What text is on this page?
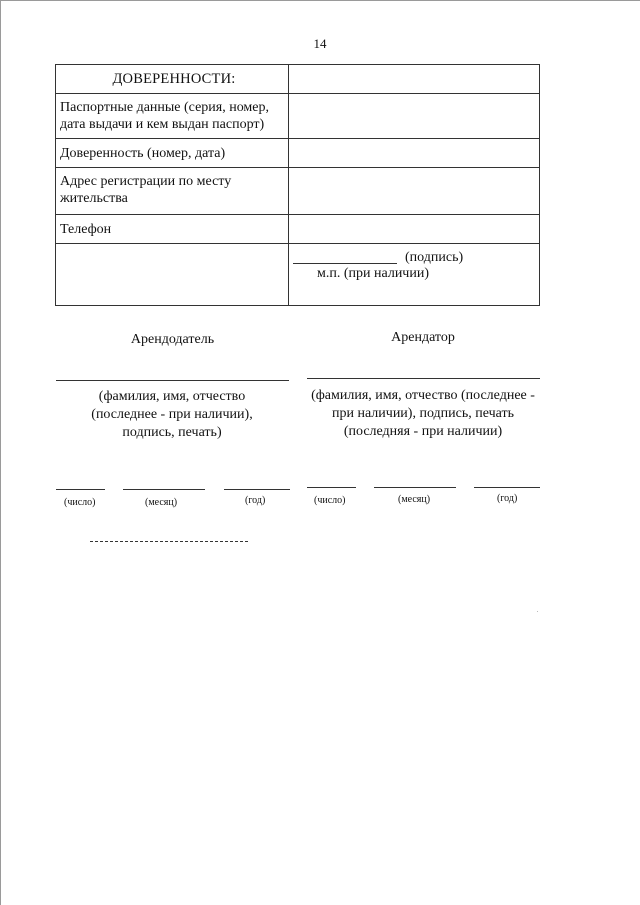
14
ДОВЕРЕННОСТИ:	

Паспортные данные (серия, номер, дата выдачи и кем выдан паспорт)	

Доверенность (номер, дата)	

Адрес регистрации по месту жительства	

Телефон	

	(подпись)
м.п. (при наличии)
Арендодатель
(фамилия, имя, отчество (последнее - при наличии), подпись, печать)
Арендатор
(фамилия, имя, отчество (последнее - при наличии), подпись, печать (последняя - при наличии)
(число)	(месяц)	(год)	(число)	(месяц)	(год)
